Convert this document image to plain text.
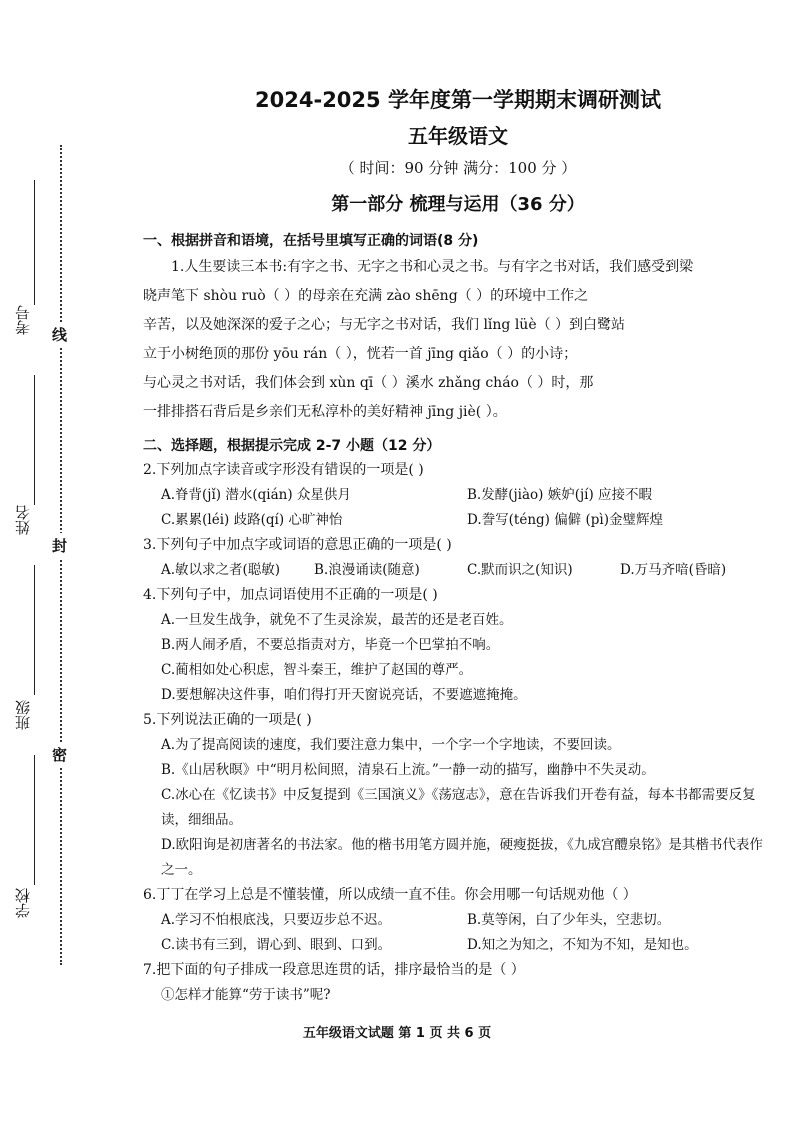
考号
姓名
班级
学校
线
封
密
2024-2025 学年度第一学期期末调研测试
五年级语文
（ 时间：90 分钟 满分：100 分 ）
第一部分 梳理与运用（36 分）
一、根据拼音和语境，在括号里填写正确的词语(8 分)

1.人生要读三本书:有字之书、无字之书和心灵之书。与有字之书对话，我们感受到梁

晓声笔下 shòu ruò（ ）的母亲在充满 zào shēng（ ）的环境中工作之

辛苦，以及她深深的爱子之心；与无字之书对话，我们 lǐng lüè（ ）到白鹭站

立于小树绝顶的那份 yōu rán（ ），恍若一首 jīng qiǎo（ ）的小诗；

与心灵之书对话，我们体会到 xùn qī（ ）溪水 zhǎng cháo（ ）时，那

一排排搭石背后是乡亲们无私淳朴的美好精神 jīng jiè( ）。

二、选择题，根据提示完成 2-7 小题（12 分）

2.下列加点字读音或字形没有错误的一项是( )

A.脊背(jǐ) 潜水(qián) 众星供月	B.发酵(jiào) 嫉妒(jí) 应接不暇
C.累累(léi) 歧路(qí) 心旷神怡	D.誊写(téng) 偏僻 (pì)金璧辉煌

3.下列句子中加点字或词语的意思正确的一项是( )

A.敏以求之者(聪敏)	B.浪漫诵读(随意)	C.默而识之(知识)	D.万马齐喑(昏暗)

4.下列句子中，加点词语使用不正确的一项是( )

A.一旦发生战争，就免不了生灵涂炭，最苦的还是老百姓。

B.两人闹矛盾，不要总指责对方，毕竟一个巴掌拍不响。

C.蔺相如处心积虑，智斗秦王，维护了赵国的尊严。

D.要想解决这件事，咱们得打开天窗说亮话，不要遮遮掩掩。

5.下列说法正确的一项是( )

A.为了提高阅读的速度，我们要注意力集中，一个字一个字地读，不要回读。

B.《山居秋暝》中“明月松间照，清泉石上流。”一静一动的描写，幽静中不失灵动。

C.冰心在《忆读书》中反复提到《三国演义》《荡寇志》，意在告诉我们开卷有益，每本书都需要反复读，细细品。

D.欧阳询是初唐著名的书法家。他的楷书用笔方圆并施，硬瘦挺拔，《九成宫醴泉铭》是其楷书代表作之一。

6.丁丁在学习上总是不懂装懂，所以成绩一直不佳。你会用哪一句话规劝他（ ）

A.学习不怕根底浅，只要迈步总不迟。	B.莫等闲，白了少年头，空悲切。
C.读书有三到，谓心到、眼到、口到。	D.知之为知之，不知为不知，是知也。

7.把下面的句子排成一段意思连贯的话，排序最恰当的是（ ）

①怎样才能算“劳于读书”呢?

五年级语文试题 第 1 页 共 6 页
